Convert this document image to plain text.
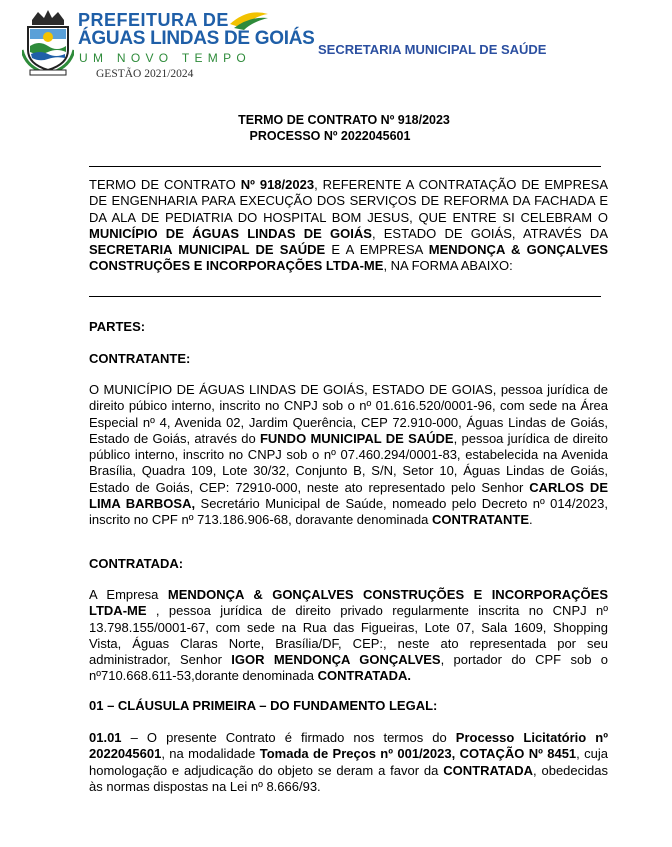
PREFEITURA DE
ÁGUAS LINDAS DE GOIÁS
UM NOVO TEMPO
GESTÃO 2021/2024
SECRETARIA MUNICIPAL DE SAÚDE
TERMO DE CONTRATO Nº 918/2023
PROCESSO Nº 2022045601
TERMO DE CONTRATO Nº 918/2023, REFERENTE A CONTRATAÇÃO DE EMPRESA DE ENGENHARIA PARA EXECUÇÃO DOS SERVIÇOS DE REFORMA DA FACHADA E DA ALA DE PEDIATRIA DO HOSPITAL BOM JESUS, QUE ENTRE SI CELEBRAM O MUNICÍPIO DE ÁGUAS LINDAS DE GOIÁS, ESTADO DE GOIÁS, ATRAVÉS DA SECRETARIA MUNICIPAL DE SAÚDE E A EMPRESA MENDONÇA & GONÇALVES CONSTRUÇÕES E INCORPORAÇÕES LTDA-ME, NA FORMA ABAIXO:
PARTES:
CONTRATANTE:
O MUNICÍPIO DE ÁGUAS LINDAS DE GOIÁS, ESTADO DE GOIAS, pessoa jurídica de direito púbico interno, inscrito no CNPJ sob o nº 01.616.520/0001-96, com sede na Área Especial nº 4, Avenida 02, Jardim Querência, CEP 72.910-000, Águas Lindas de Goiás, Estado de Goiás, através do FUNDO MUNICIPAL DE SAÚDE, pessoa jurídica de direito público interno, inscrito no CNPJ sob o nº 07.460.294/0001-83, estabelecida na Avenida Brasília, Quadra 109, Lote 30/32, Conjunto B, S/N, Setor 10, Águas Lindas de Goiás, Estado de Goiás, CEP: 72910-000, neste ato representado pelo Senhor CARLOS DE LIMA BARBOSA, Secretário Municipal de Saúde, nomeado pelo Decreto nº 014/2023, inscrito no CPF nº 713.186.906-68, doravante denominada CONTRATANTE.
CONTRATADA:
A Empresa MENDONÇA & GONÇALVES CONSTRUÇÕES E INCORPORAÇÕES LTDA-ME , pessoa jurídica de direito privado regularmente inscrita no CNPJ nº 13.798.155/0001-67, com sede na Rua das Figueiras, Lote 07, Sala 1609, Shopping Vista, Águas Claras Norte, Brasília/DF, CEP:, neste ato representada por seu administrador, Senhor IGOR MENDONÇA GONÇALVES, portador do CPF sob o nº710.668.611-53,dorante denominada CONTRATADA.
01 – CLÁUSULA PRIMEIRA – DO FUNDAMENTO LEGAL:
01.01 – O presente Contrato é firmado nos termos do Processo Licitatório nº 2022045601, na modalidade Tomada de Preços nº 001/2023, COTAÇÃO Nº 8451, cuja homologação e adjudicação do objeto se deram a favor da CONTRATADA, obedecidas às normas dispostas na Lei nº 8.666/93.
